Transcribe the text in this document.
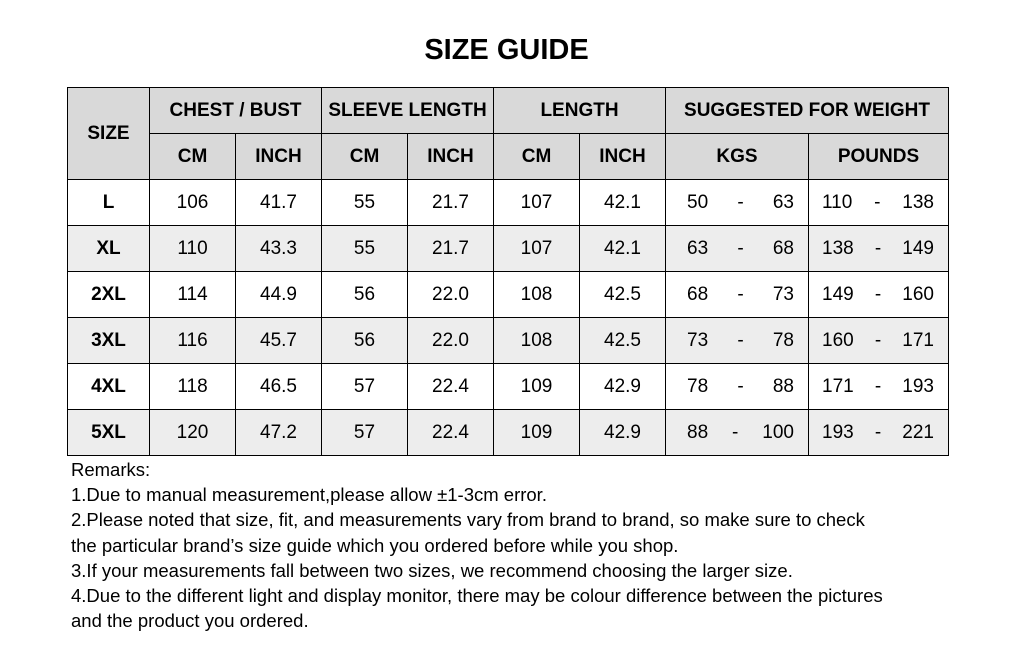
SIZE GUIDE
SIZE	CHEST / BUST		SLEEVE LENGTH		LENGTH		SUGGESTED FOR WEIGHT	
	CM	INCH	CM	INCH	CM	INCH	KGS	POUNDS
L	106	41.7	55	21.7	107	42.1	50 - 63	110 - 138

XL	110	43.3	55	21.7	107	42.1	63 - 68	138 - 149

2XL	114	44.9	56	22.0	108	42.5	68 - 73	149 - 160

3XL	116	45.7	56	22.0	108	42.5	73 - 78	160 - 171

4XL	118	46.5	57	22.4	109	42.9	78 - 88	171 - 193

5XL	120	47.2	57	22.4	109	42.9	88 - 100	193 - 221
Remarks:
1.Due to manual measurement,please allow ±1-3cm error.
2.Please noted that size, fit, and measurements vary from brand to brand, so make sure to check
the particular brand’s size guide which you ordered before while you shop.
3.If your measurements fall between two sizes, we recommend choosing the larger size.
4.Due to the different light and display monitor, there may be colour difference between the pictures
and the product you ordered.
